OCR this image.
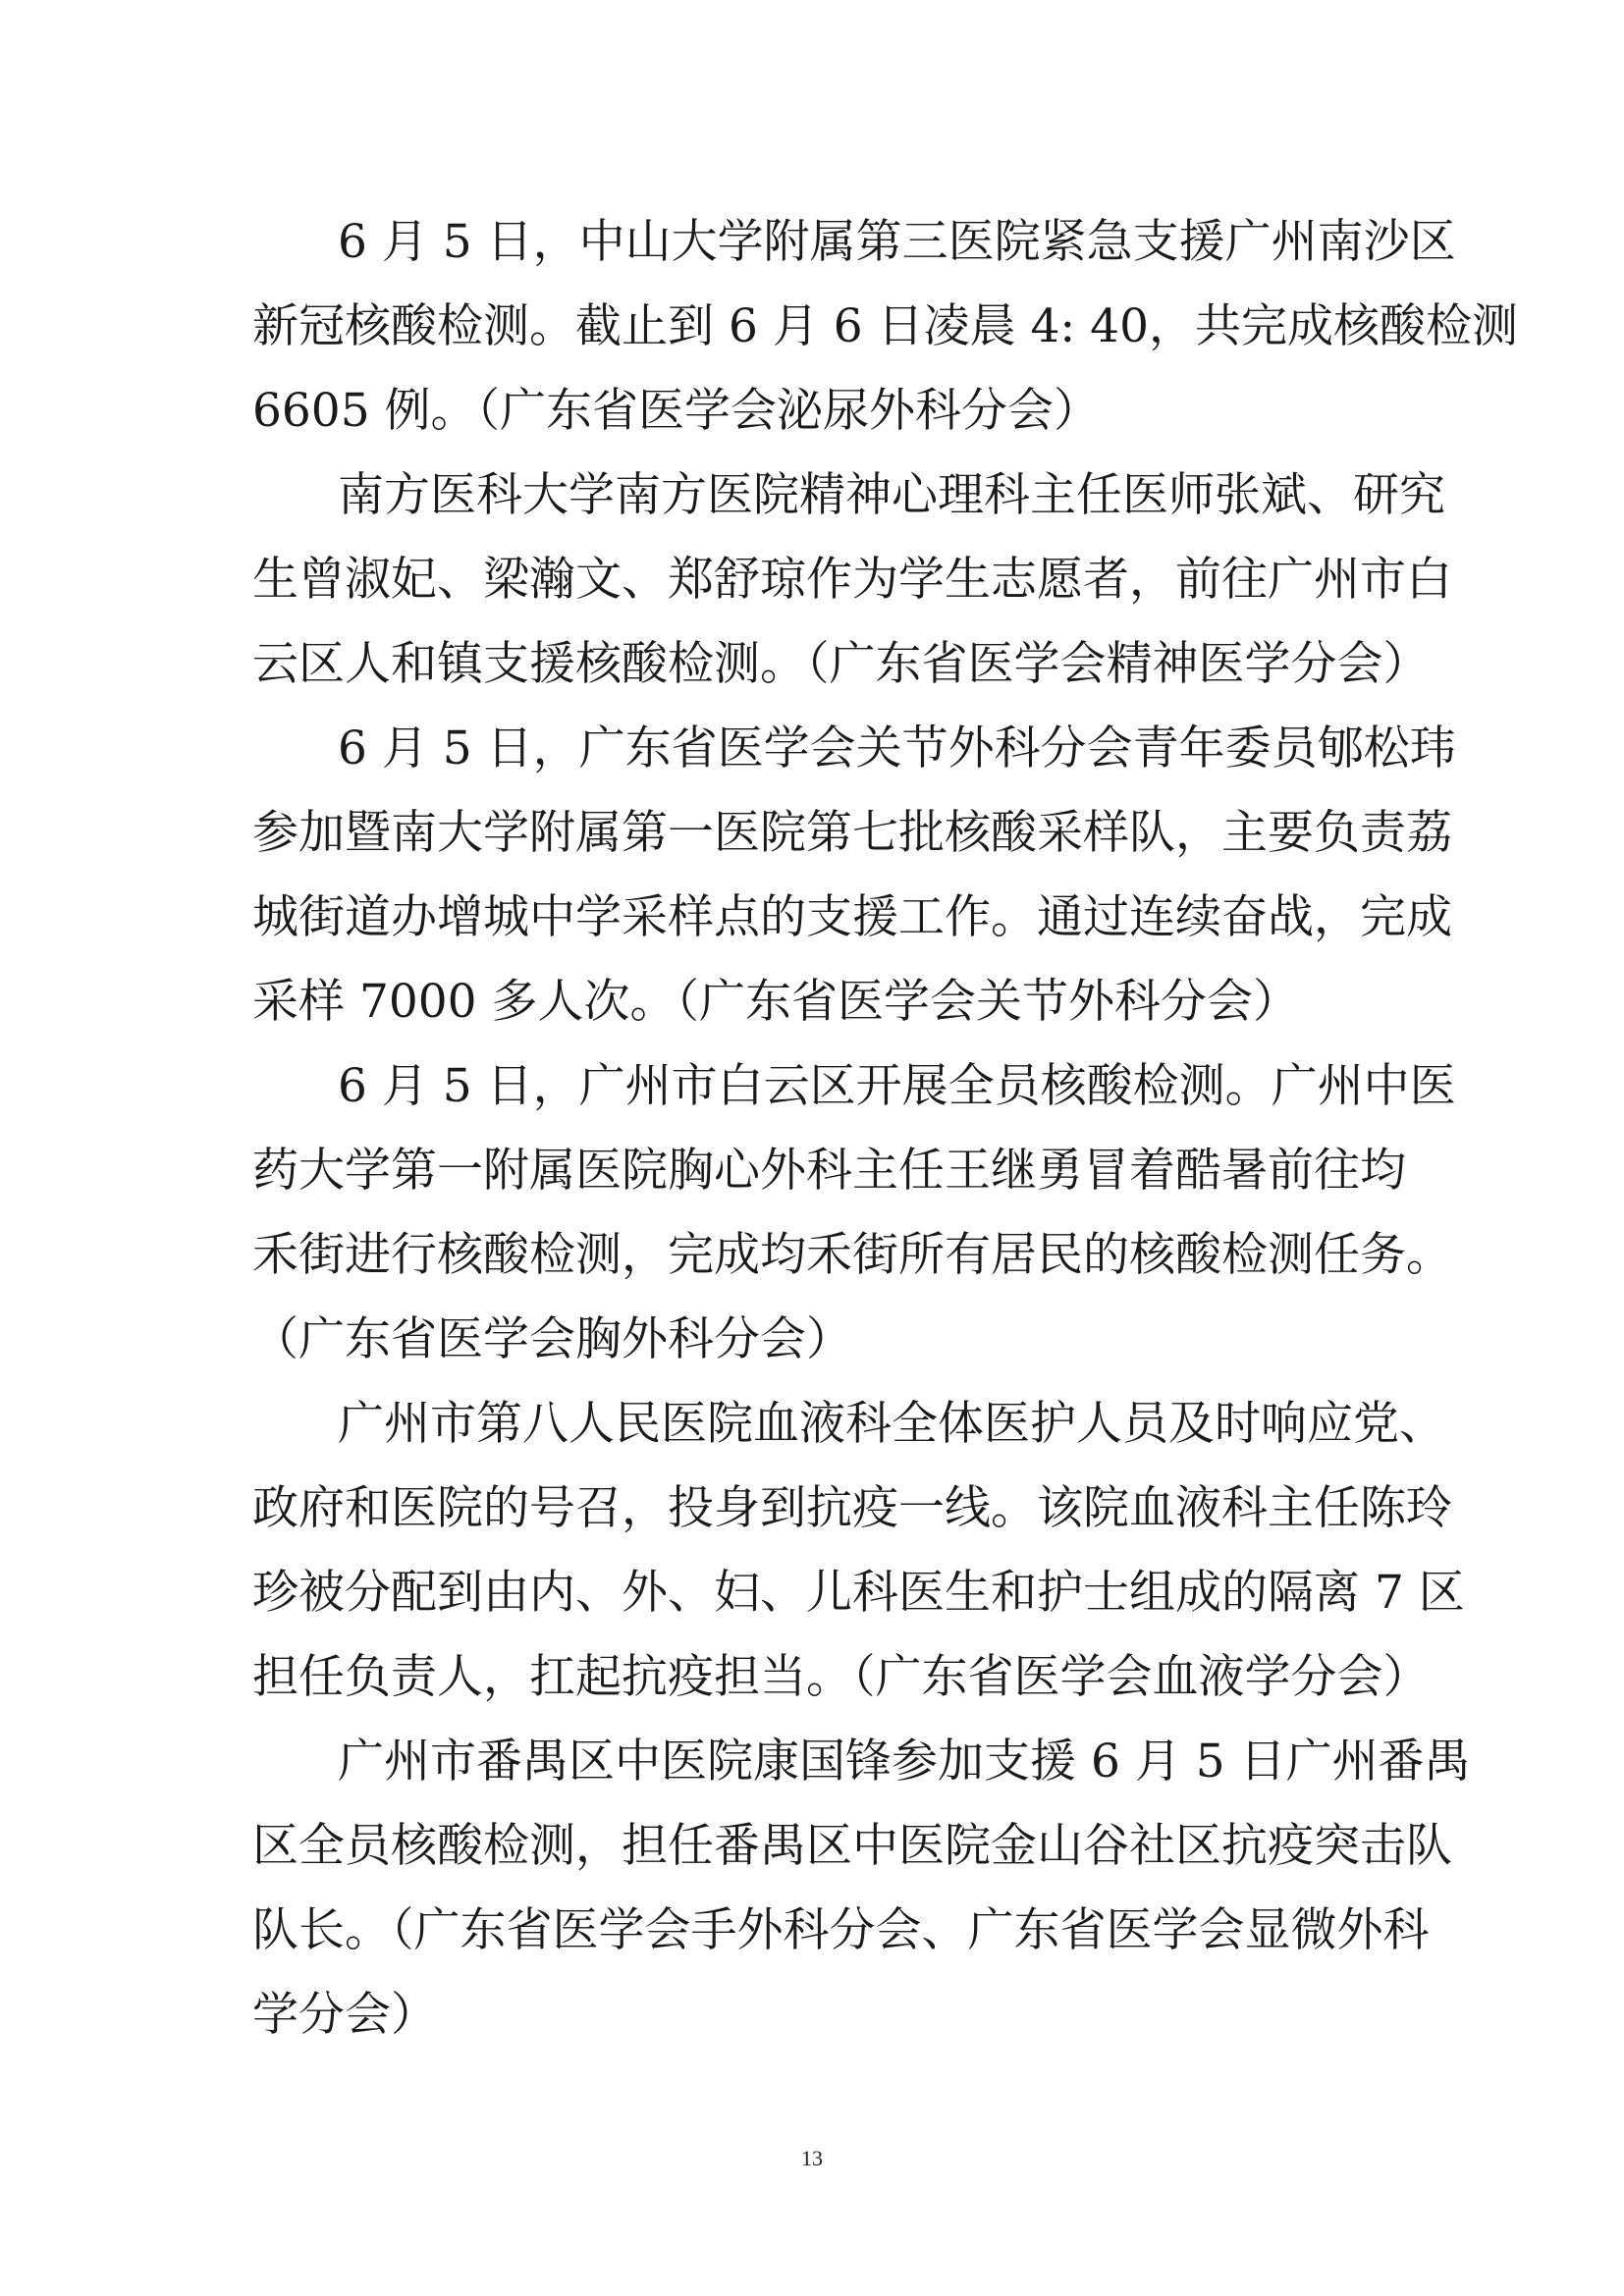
6 月 5 日，中山大学附属第三医院紧急支援广州南沙区

新冠核酸检测。截止到 6 月 6 日凌晨 4: 40，共完成核酸检测

6605 例。（广东省医学会泌尿外科分会）

南方医科大学南方医院精神心理科主任医师张斌、研究

生曾淑妃、梁瀚文、郑舒琼作为学生志愿者，前往广州市白

云区人和镇支援核酸检测。（广东省医学会精神医学分会）

6 月 5 日，广东省医学会关节外科分会青年委员郇松玮

参加暨南大学附属第一医院第七批核酸采样队，主要负责荔

城街道办增城中学采样点的支援工作。通过连续奋战，完成

采样 7000 多人次。（广东省医学会关节外科分会）

6 月 5 日，广州市白云区开展全员核酸检测。广州中医

药大学第一附属医院胸心外科主任王继勇冒着酷暑前往均

禾街进行核酸检测，完成均禾街所有居民的核酸检测任务。

（广东省医学会胸外科分会）

广州市第八人民医院血液科全体医护人员及时响应党、

政府和医院的号召，投身到抗疫一线。该院血液科主任陈玲

珍被分配到由内、外、妇、儿科医生和护士组成的隔离 7 区

担任负责人，扛起抗疫担当。（广东省医学会血液学分会）

广州市番禺区中医院康国锋参加支援 6 月 5 日广州番禺

区全员核酸检测，担任番禺区中医院金山谷社区抗疫突击队

队长。（广东省医学会手外科分会、广东省医学会显微外科

学分会）

13
